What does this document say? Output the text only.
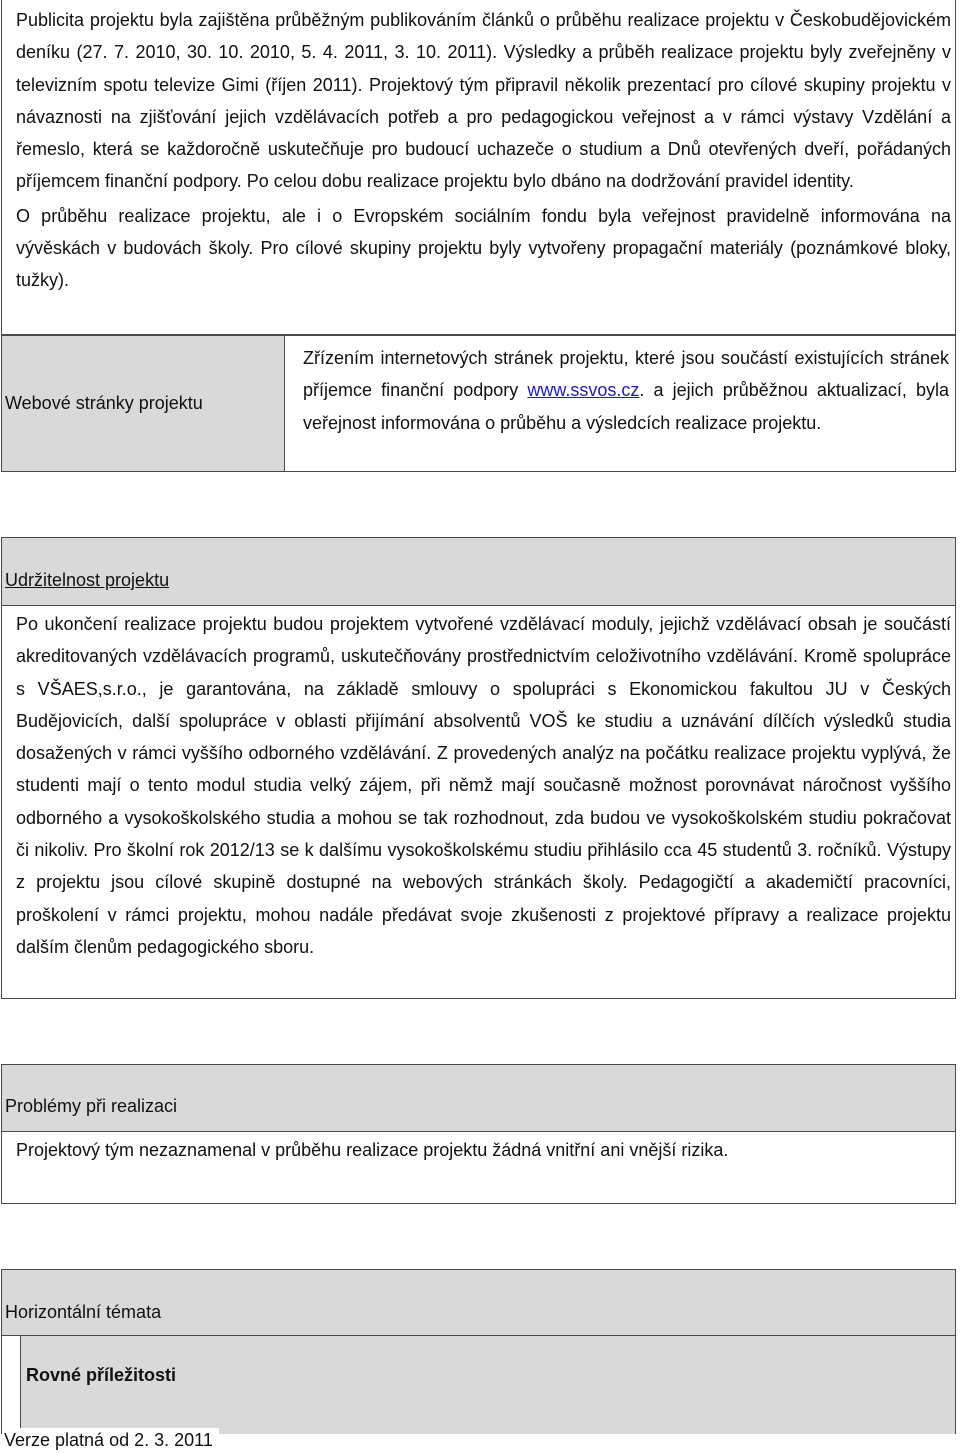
Publicita projektu byla zajištěna průběžným publikováním článků o průběhu realizace projektu v Českobudějovickém deníku (27. 7. 2010, 30. 10. 2010, 5. 4. 2011, 3. 10. 2011). Výsledky a průběh realizace projektu byly zveřejněny v televizním spotu televize Gimi (říjen 2011). Projektový tým připravil několik prezentací pro cílové skupiny projektu v návaznosti na zjišťování jejich vzdělávacích potřeb a pro pedagogickou veřejnost a v rámci výstavy Vzdělání a řemeslo, která se každoročně uskutečňuje pro budoucí uchazeče o studium a Dnů otevřených dveří, pořádaných příjemcem finanční podpory. Po celou dobu realizace projektu bylo dbáno na dodržování pravidel identity.

O průběhu realizace projektu, ale i o Evropském sociálním fondu byla veřejnost pravidelně informována na vývěskách v budovách školy. Pro cílové skupiny projektu byly vytvořeny propagační materiály (poznámkové bloky, tužky).

Webové stránky projektu
Zřízením internetových stránek projektu, které jsou součástí existujících stránek příjemce finanční podpory www.ssvos.cz. a jejich průběžnou aktualizací, byla veřejnost informována o průběhu a výsledcích realizace projektu.
Udržitelnost projektu

Po ukončení realizace projektu budou projektem vytvořené vzdělávací moduly, jejichž vzdělávací obsah je součástí akreditovaných vzdělávacích programů, uskutečňovány prostřednictvím celoživotního vzdělávání. Kromě spolupráce s VŠAES,s.r.o., je garantována, na základě smlouvy o spolupráci s Ekonomickou fakultou JU v Českých Budějovicích, další spolupráce v oblasti přijímání absolventů VOŠ ke studiu a uznávání dílčích výsledků studia dosažených v rámci vyššího odborného vzdělávání. Z provedených analýz na počátku realizace projektu vyplývá, že studenti mají o tento modul studia velký zájem, při němž mají současně možnost porovnávat náročnost vyššího odborného a vysokoškolského studia a mohou se tak rozhodnout, zda budou ve vysokoškolském studiu pokračovat či nikoliv. Pro školní rok 2012/13 se k dalšímu vysokoškolskému studiu přihlásilo cca 45 studentů 3. ročníků. Výstupy z projektu jsou cílové skupině dostupné na webových stránkách školy. Pedagogičtí a akademičtí pracovníci, proškolení v rámci projektu, mohou nadále předávat svoje zkušenosti z projektové přípravy a realizace projektu dalším členům pedagogického sboru.

Problémy při realizaci

Projektový tým nezaznamenal v průběhu realizace projektu žádná vnitřní ani vnější rizika.

Horizontální témata
Rovné příležitosti
Verze platná od 2. 3. 2011
